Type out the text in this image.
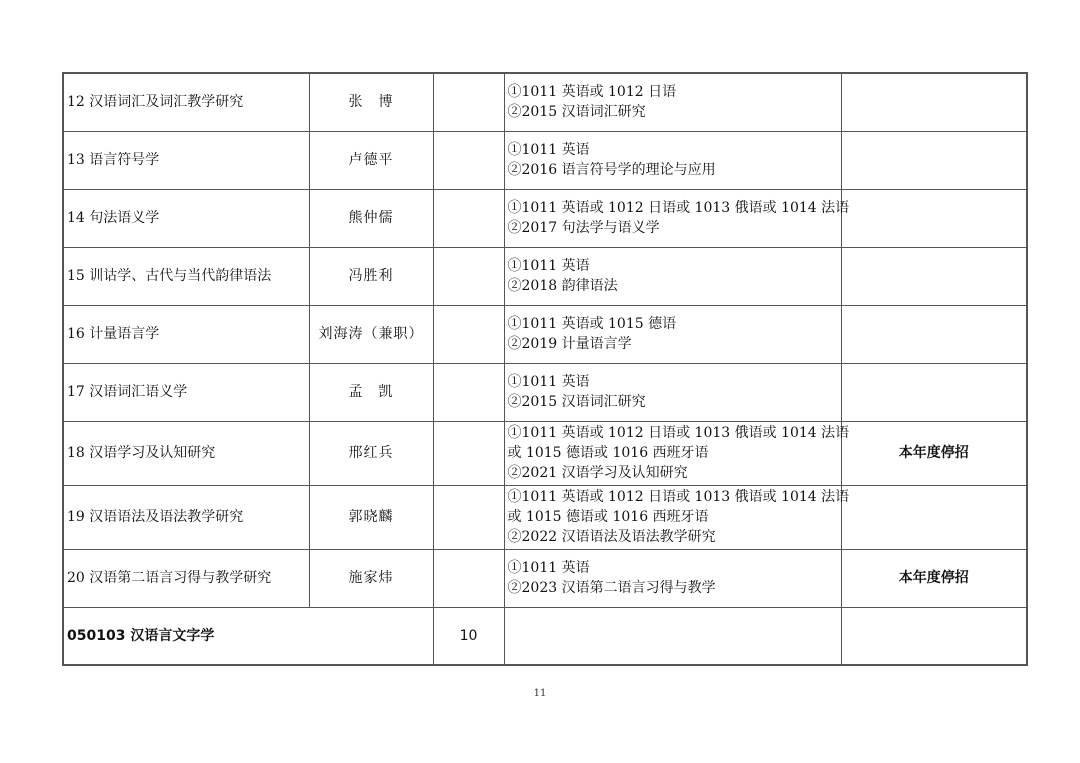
12 汉语词汇及词汇教学研究	张　博		①1011 英语或 1012 日语
②2015 汉语词汇研究	

13 语言符号学	卢德平		①1011 英语
②2016 语言符号学的理论与应用	

14 句法语义学	熊仲儒		①1011 英语或 1012 日语或 1013 俄语或 1014 法语
②2017 句法学与语义学	

15 训诂学、古代与当代韵律语法	冯胜利		①1011 英语
②2018 韵律语法	

16 计量语言学	刘海涛（兼职）		①1011 英语或 1015 德语
②2019 计量语言学	

17 汉语词汇语义学	孟　凯		①1011 英语
②2015 汉语词汇研究	

18 汉语学习及认知研究	邢红兵		①1011 英语或 1012 日语或 1013 俄语或 1014 法语
或 1015 德语或 1016 西班牙语
②2021 汉语学习及认知研究	本年度停招
19 汉语语法及语法教学研究	郭晓麟		①1011 英语或 1012 日语或 1013 俄语或 1014 法语
或 1015 德语或 1016 西班牙语
②2022 汉语语法及语法教学研究	

20 汉语第二语言习得与教学研究	施家炜		①1011 英语
②2023 汉语第二语言习得与教学	本年度停招
050103 汉语言文字学		10		
11
